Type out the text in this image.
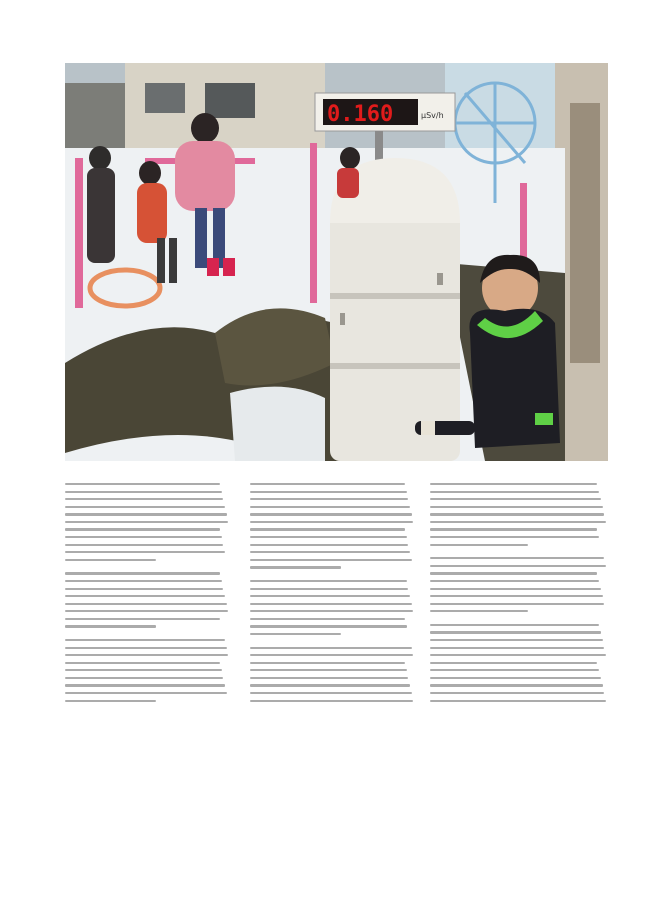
0.160	μSv/h
